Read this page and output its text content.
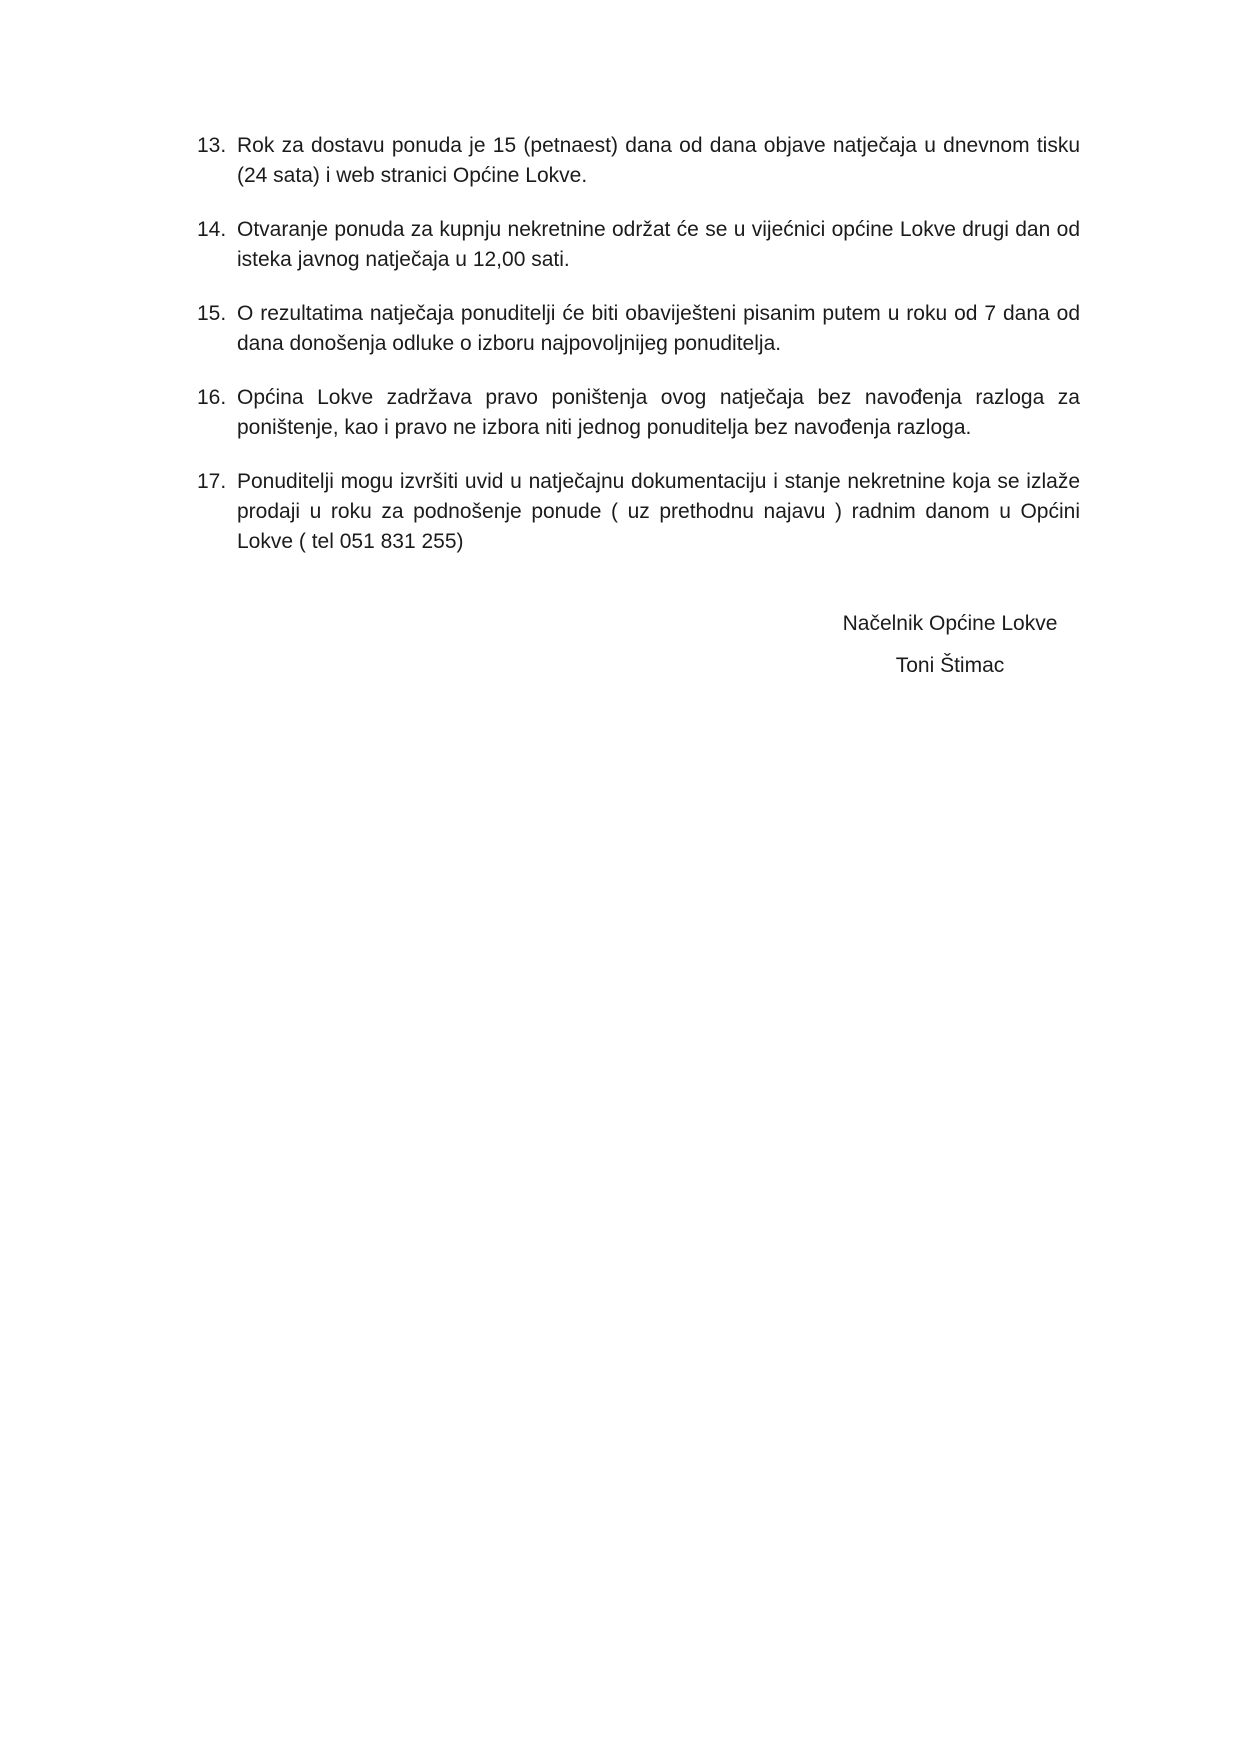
13. Rok za dostavu ponuda je 15 (petnaest) dana od dana objave natječaja u dnevnom tisku (24 sata) i web stranici Općine Lokve.
14. Otvaranje ponuda za kupnju nekretnine održat će se u vijećnici općine Lokve drugi dan od isteka javnog natječaja u 12,00 sati.
15. O rezultatima natječaja ponuditelji će biti obaviješteni pisanim putem u roku od 7 dana od dana donošenja odluke o izboru najpovoljnijeg ponuditelja.
16. Općina Lokve zadržava pravo poništenja ovog natječaja bez navođenja razloga za poništenje, kao i pravo ne izbora niti jednog ponuditelja bez navođenja razloga.
17. Ponuditelji mogu izvršiti uvid u natječajnu dokumentaciju i stanje nekretnine koja se izlaže prodaji u roku za podnošenje ponude ( uz prethodnu najavu ) radnim danom u Općini Lokve ( tel 051 831 255)

Načelnik Općine Lokve

Toni Štimac
